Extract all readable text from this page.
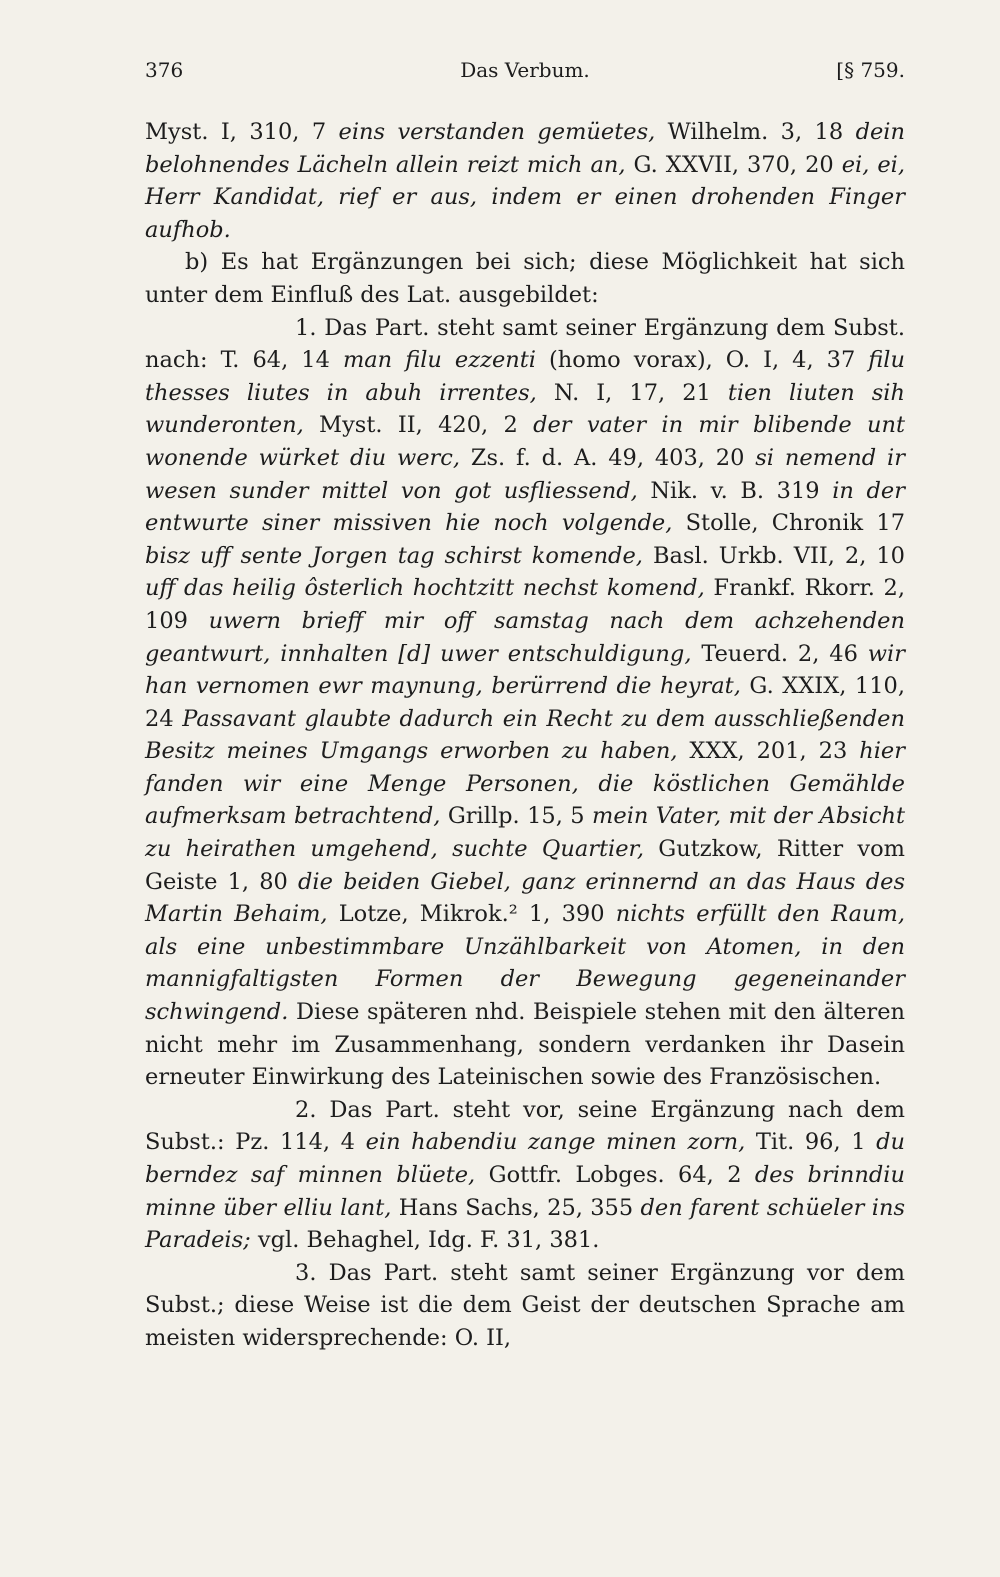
376	Das Verbum.	[§ 759.

Myst. I, 310, 7 eins verstanden gemüetes, Wilhelm. 3, 18 dein belohnendes Lächeln allein reizt mich an, G. XXVII, 370, 20 ei, ei, Herr Kandidat, rief er aus, indem er einen drohenden Finger aufhob.

b) Es hat Ergänzungen bei sich; diese Möglichkeit hat sich unter dem Einfluß des Lat. ausgebildet:

1. Das Part. steht samt seiner Ergänzung dem Subst. nach: T. 64, 14 man filu ezzenti (homo vorax), O. I, 4, 37 filu thesses liutes in abuh irrentes, N. I, 17, 21 tien liuten sih wunderonten, Myst. II, 420, 2 der vater in mir blibende unt wonende würket diu werc, Zs. f. d. A. 49, 403, 20 si nemend ir wesen sunder mittel von got usfliessend, Nik. v. B. 319 in der entwurte siner missiven hie noch volgende, Stolle, Chronik 17 bisz uff sente Jorgen tag schirst komende, Basl. Urkb. VII, 2, 10 uff das heilig ôsterlich hochtzitt nechst komend, Frankf. Rkorr. 2, 109 uwern brieff mir off samstag nach dem achzehenden geantwurt, innhalten [d] uwer entschuldigung, Teuerd. 2, 46 wir han vernomen ewr maynung, berürrend die heyrat, G. XXIX, 110, 24 Passavant glaubte dadurch ein Recht zu dem ausschließenden Besitz meines Umgangs erworben zu haben, XXX, 201, 23 hier fanden wir eine Menge Personen, die köstlichen Gemählde aufmerksam betrachtend, Grillp. 15, 5 mein Vater, mit der Absicht zu heirathen umgehend, suchte Quartier, Gutzkow, Ritter vom Geiste 1, 80 die beiden Giebel, ganz erinnernd an das Haus des Martin Behaim, Lotze, Mikrok.² 1, 390 nichts erfüllt den Raum, als eine unbestimmbare Unzählbarkeit von Atomen, in den mannigfaltigsten Formen der Bewegung gegeneinander schwingend. Diese späteren nhd. Beispiele stehen mit den älteren nicht mehr im Zusammenhang, sondern verdanken ihr Dasein erneuter Einwirkung des Lateinischen sowie des Französischen.

2. Das Part. steht vor, seine Ergänzung nach dem Subst.: Pz. 114, 4 ein habendiu zange minen zorn, Tit. 96, 1 du berndez saf minnen blüete, Gottfr. Lobges. 64, 2 des brinndiu minne über elliu lant, Hans Sachs, 25, 355 den farent schüeler ins Paradeis; vgl. Behaghel, Idg. F. 31, 381.

3. Das Part. steht samt seiner Ergänzung vor dem Subst.; diese Weise ist die dem Geist der deutschen Sprache am meisten widersprechende: O. II,
